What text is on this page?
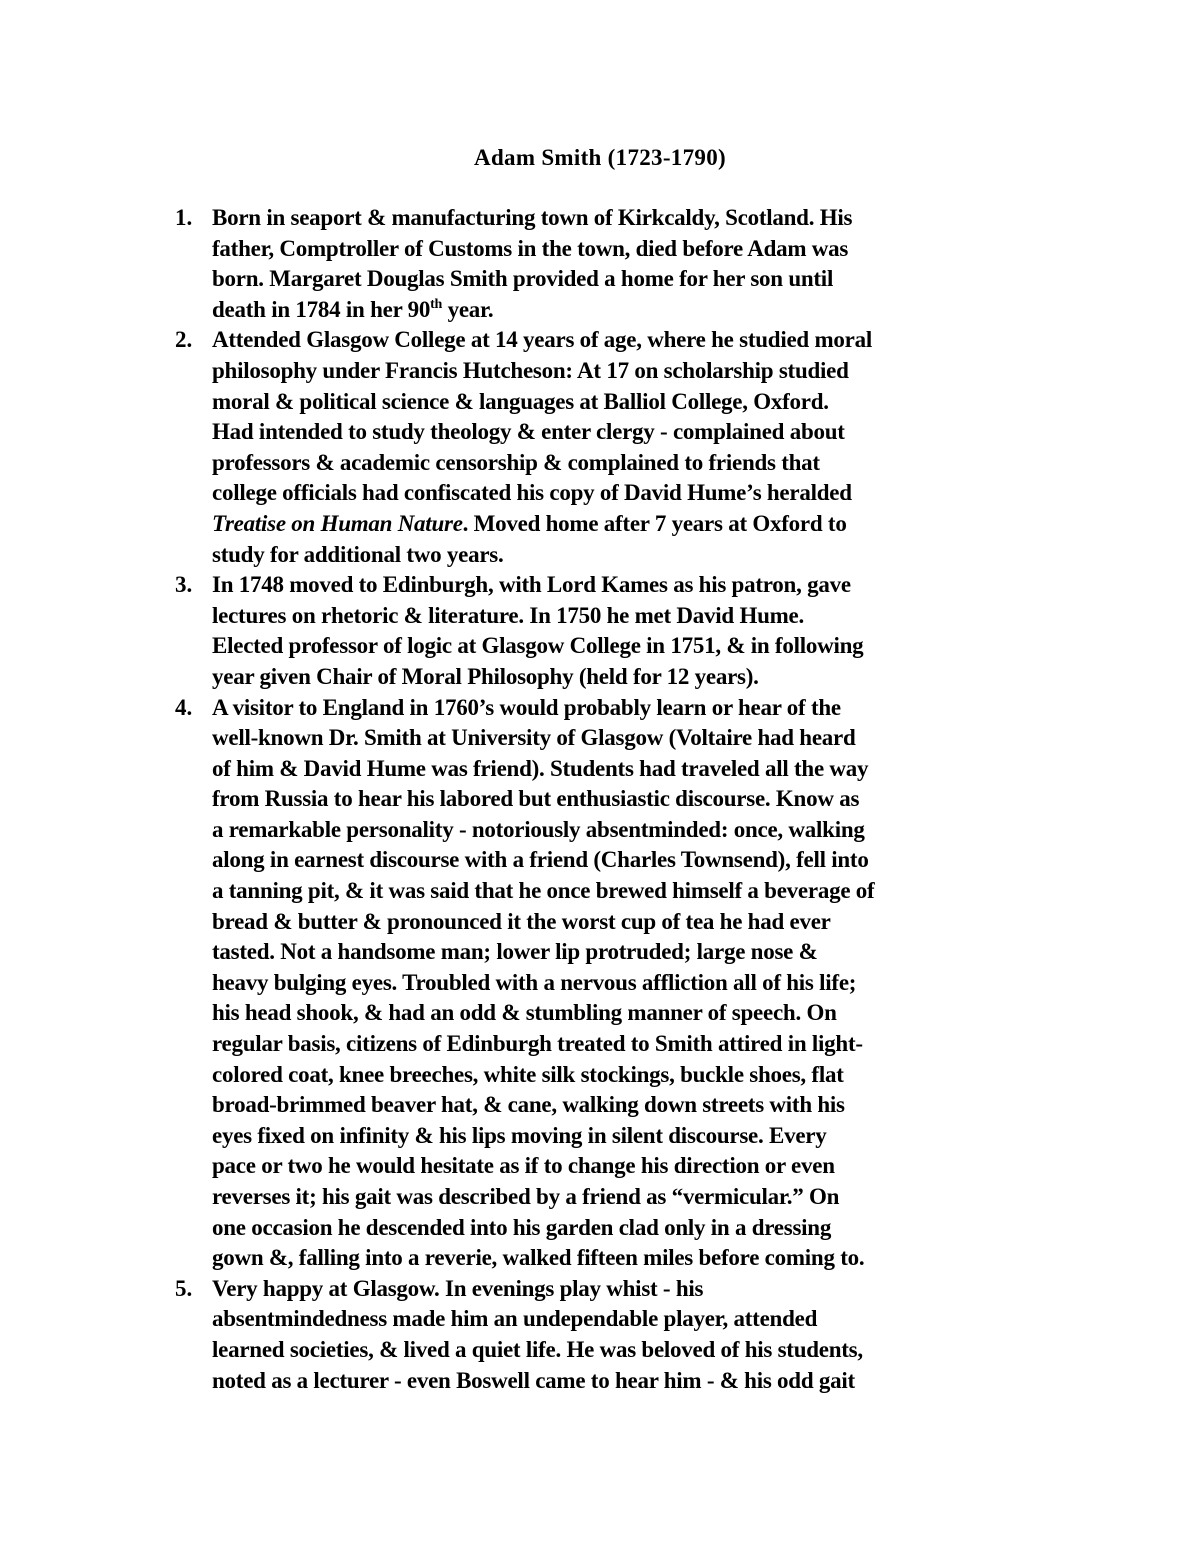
Adam Smith (1723-1790)
1. Born in seaport & manufacturing town of Kirkcaldy, Scotland. His
father, Comptroller of Customs in the town, died before Adam was
born. Margaret Douglas Smith provided a home for her son until
death in 1784 in her 90th year.
2. Attended Glasgow College at 14 years of age, where he studied moral
philosophy under Francis Hutcheson: At 17 on scholarship studied
moral & political science & languages at Balliol College, Oxford.
Had intended to study theology & enter clergy - complained about
professors & academic censorship & complained to friends that
college officials had confiscated his copy of David Hume’s heralded
Treatise on Human Nature. Moved home after 7 years at Oxford to
study for additional two years.
3. In 1748 moved to Edinburgh, with Lord Kames as his patron, gave
lectures on rhetoric & literature. In 1750 he met David Hume.
Elected professor of logic at Glasgow College in 1751, & in following
year given Chair of Moral Philosophy (held for 12 years).
4. A visitor to England in 1760’s would probably learn or hear of the
well-known Dr. Smith at University of Glasgow (Voltaire had heard
of him & David Hume was friend). Students had traveled all the way
from Russia to hear his labored but enthusiastic discourse. Know as
a remarkable personality - notoriously absentminded: once, walking
along in earnest discourse with a friend (Charles Townsend), fell into
a tanning pit, & it was said that he once brewed himself a beverage of
bread & butter & pronounced it the worst cup of tea he had ever
tasted. Not a handsome man; lower lip protruded; large nose &
heavy bulging eyes. Troubled with a nervous affliction all of his life;
his head shook, & had an odd & stumbling manner of speech. On
regular basis, citizens of Edinburgh treated to Smith attired in light-
colored coat, knee breeches, white silk stockings, buckle shoes, flat
broad-brimmed beaver hat, & cane, walking down streets with his
eyes fixed on infinity & his lips moving in silent discourse. Every
pace or two he would hesitate as if to change his direction or even
reverses it; his gait was described by a friend as “vermicular.” On
one occasion he descended into his garden clad only in a dressing
gown &, falling into a reverie, walked fifteen miles before coming to.
5. Very happy at Glasgow. In evenings play whist - his
absentmindedness made him an undependable player, attended
learned societies, & lived a quiet life. He was beloved of his students,
noted as a lecturer - even Boswell came to hear him - & his odd gait
